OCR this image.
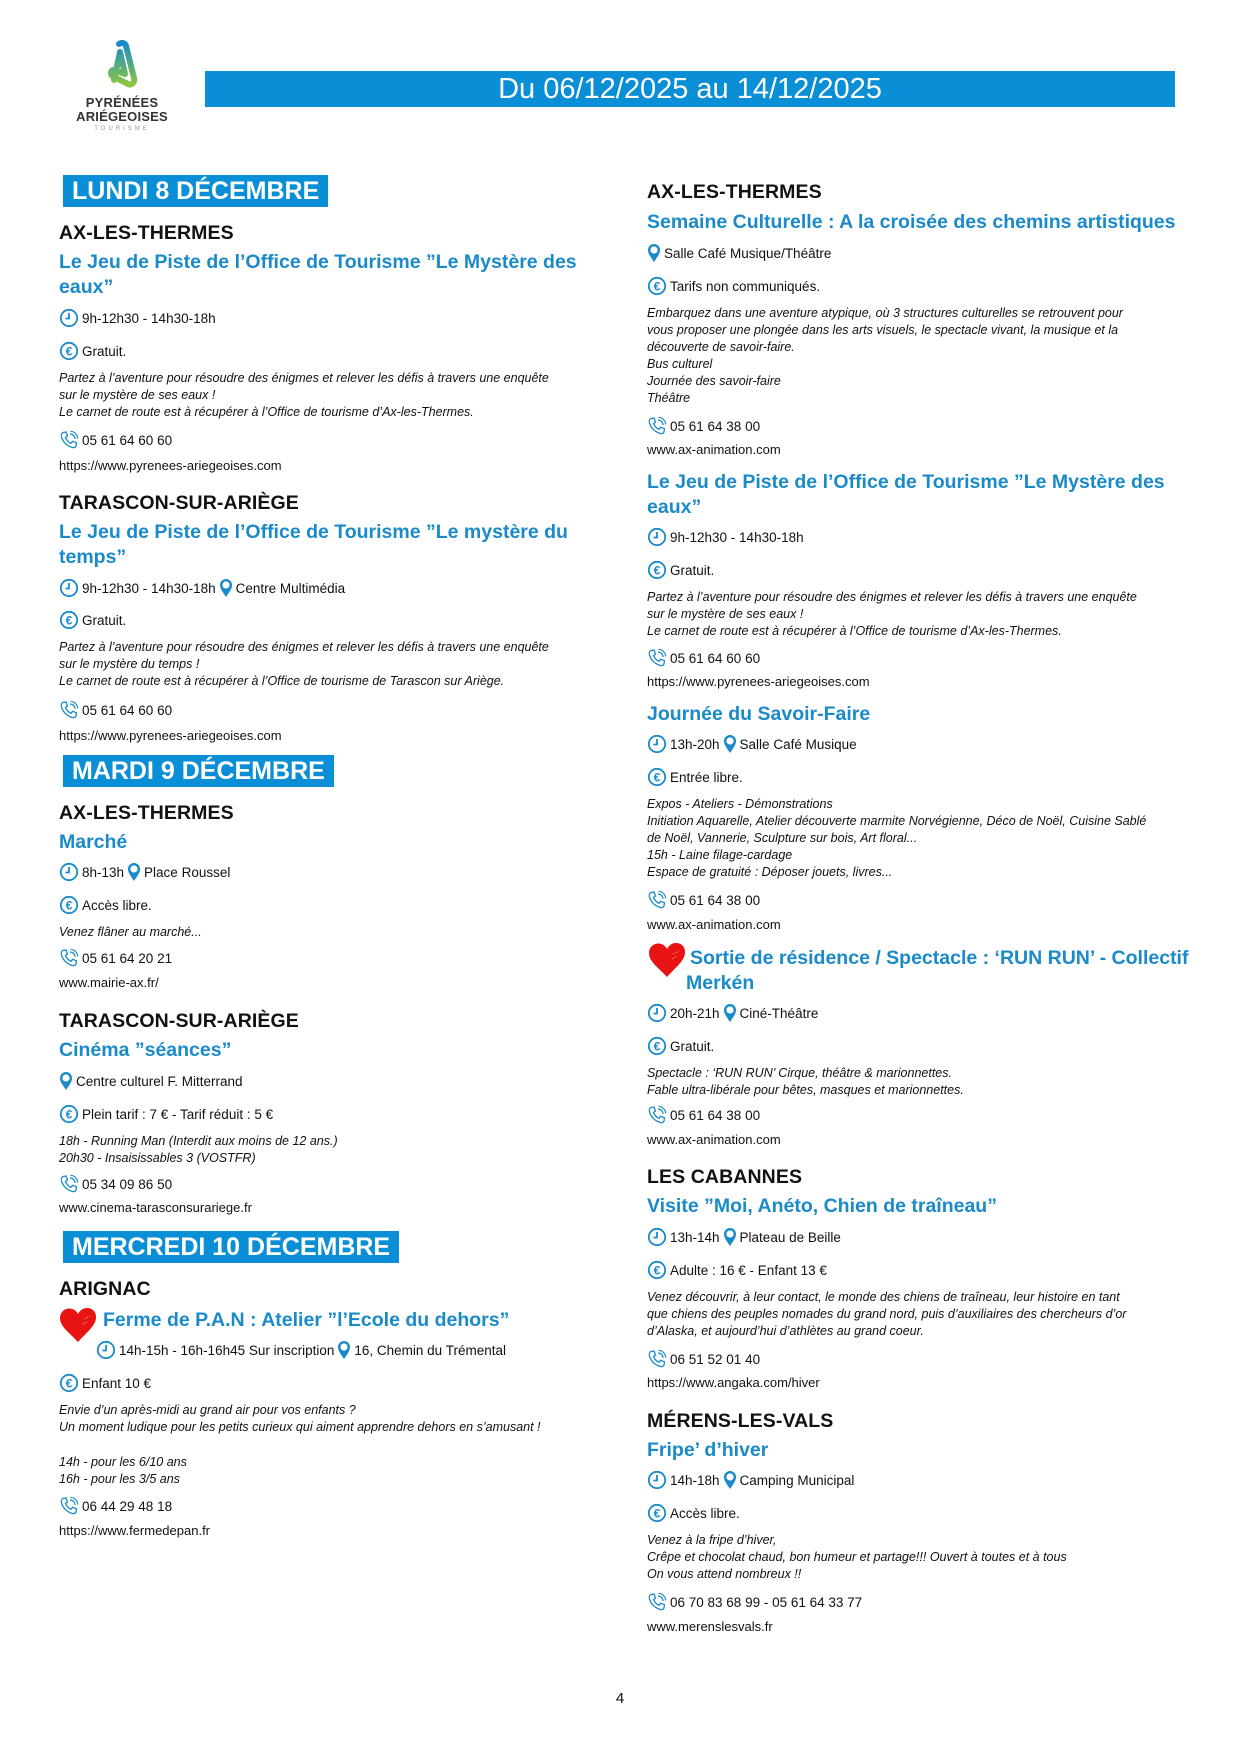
PYRÉNÉES
ARIÉGEOISES
TOURISME
Du 06/12/2025 au 14/12/2025
LUNDI 8 DÉCEMBRE
AX-LES-THERMES
Le Jeu de Piste de l’Office de Tourisme ”Le Mystère des
eaux”
9h-12h30 - 14h30-18h
Gratuit.
Partez à l’aventure pour résoudre des énigmes et relever les défis à travers une enquête
sur le mystère de ses eaux !
Le carnet de route est à récupérer à l’Office de tourisme d’Ax-les-Thermes.
05 61 64 60 60
https://www.pyrenees-ariegeoises.com
TARASCON-SUR-ARIÈGE
Le Jeu de Piste de l’Office de Tourisme ”Le mystère du
temps”
9h-12h30 - 14h30-18h Centre Multimédia
Gratuit.
Partez à l’aventure pour résoudre des énigmes et relever les défis à travers une enquête
sur le mystère du temps !
Le carnet de route est à récupérer à l’Office de tourisme de Tarascon sur Ariège.
05 61 64 60 60
https://www.pyrenees-ariegeoises.com
MARDI 9 DÉCEMBRE
AX-LES-THERMES
Marché
8h-13h Place Roussel
Accès libre.
Venez flâner au marché...
05 61 64 20 21
www.mairie-ax.fr/
TARASCON-SUR-ARIÈGE
Cinéma ”séances”
Centre culturel F. Mitterrand
Plein tarif : 7 € - Tarif réduit : 5 €
18h - Running Man (Interdit aux moins de 12 ans.)
20h30 - Insaisissables 3 (VOSTFR)
05 34 09 86 50
www.cinema-tarasconsurariege.fr
MERCREDI 10 DÉCEMBRE
ARIGNAC
Ferme de P.A.N : Atelier ”l’Ecole du dehors”
14h-15h - 16h-16h45 Sur inscription 16, Chemin du Trémental
Enfant 10 €
Envie d’un après-midi au grand air pour vos enfants ?
Un moment ludique pour les petits curieux qui aiment apprendre dehors en s’amusant !
14h - pour les 6/10 ans
16h - pour les 3/5 ans
06 44 29 48 18
https://www.fermedepan.fr
AX-LES-THERMES
Semaine Culturelle : A la croisée des chemins artistiques
Salle Café Musique/Théâtre
Tarifs non communiqués.
Embarquez dans une aventure atypique, où 3 structures culturelles se retrouvent pour
vous proposer une plongée dans les arts visuels, le spectacle vivant, la musique et la
découverte de savoir-faire.
Bus culturel
Journée des savoir-faire
Théâtre
05 61 64 38 00
www.ax-animation.com
Le Jeu de Piste de l’Office de Tourisme ”Le Mystère des
eaux”
9h-12h30 - 14h30-18h
Gratuit.
Partez à l’aventure pour résoudre des énigmes et relever les défis à travers une enquête
sur le mystère de ses eaux !
Le carnet de route est à récupérer à l’Office de tourisme d’Ax-les-Thermes.
05 61 64 60 60
https://www.pyrenees-ariegeoises.com
Journée du Savoir-Faire
13h-20h Salle Café Musique
Entrée libre.
Expos - Ateliers - Démonstrations
Initiation Aquarelle, Atelier découverte marmite Norvégienne, Déco de Noël, Cuisine Sablé
de Noël, Vannerie, Sculpture sur bois, Art floral...
15h - Laine filage-cardage
Espace de gratuité : Déposer jouets, livres...
05 61 64 38 00
www.ax-animation.com
Sortie de résidence / Spectacle : ‘RUN RUN’ - Collectif
Merkén
20h-21h Ciné-Théâtre
Gratuit.
Spectacle : ‘RUN RUN’ Cirque, théâtre & marionnettes.
Fable ultra-libérale pour bêtes, masques et marionnettes.
05 61 64 38 00
www.ax-animation.com
LES CABANNES
Visite ”Moi, Anéto, Chien de traîneau”
13h-14h Plateau de Beille
Adulte : 16 € - Enfant 13 €
Venez découvrir, à leur contact, le monde des chiens de traîneau, leur histoire en tant
que chiens des peuples nomades du grand nord, puis d’auxiliaires des chercheurs d’or
d’Alaska, et aujourd’hui d’athlètes au grand coeur.
06 51 52 01 40
https://www.angaka.com/hiver
MÉRENS-LES-VALS
Fripe’ d’hiver
14h-18h Camping Municipal
Accès libre.
Venez à la fripe d’hiver,
Crêpe et chocolat chaud, bon humeur et partage!!! Ouvert à toutes et à tous
On vous attend nombreux !!
06 70 83 68 99 - 05 61 64 33 77
www.merenslesvals.fr
4
